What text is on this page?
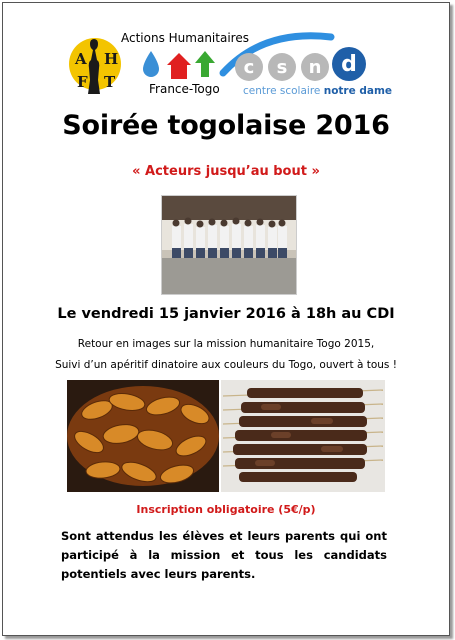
A H
F T
Actions Humanitaires
France-Togo
c s n d
centre scolaire notre dame
Soirée togolaise 2016
« Acteurs jusqu’au bout »
Le vendredi 15 janvier 2016 à 18h au CDI
Retour en images sur la mission humanitaire Togo 2015,
Suivi d’un apéritif dinatoire aux couleurs du Togo, ouvert à tous !
Inscription obligatoire (5€/p)
Sont attendus les élèves et leurs parents qui ont participé à la mission et tous les candidats potentiels avec leurs parents.
